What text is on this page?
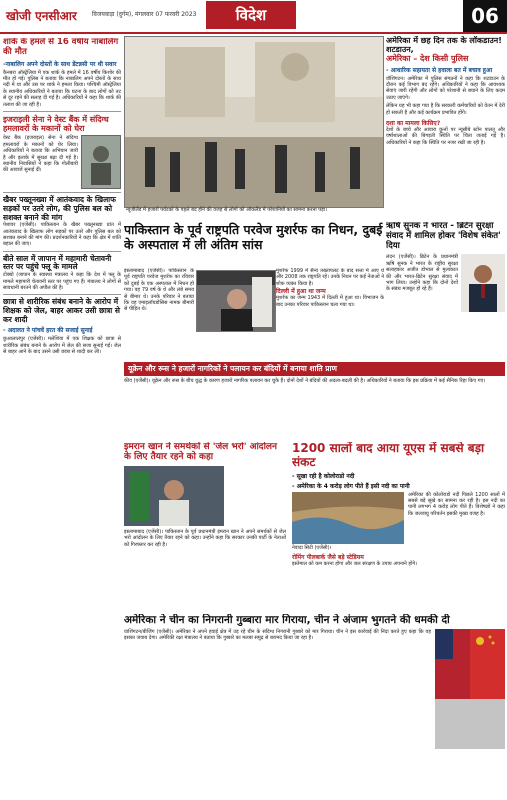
खोजी एनसीआर	विजयवाड़ा (दुर्गम), मंगलवार 07 फरवरी 2023	विदेश	06
शार्क के हमले से 16 वर्षीय नाबालिग की मौत
-नाबालिग अपने दोस्तों के साथ डेंटन्नसी पर थी सवार
कैनबरा ऑस्ट्रेलिया में एक शार्क के हमले में 16 वर्षीय किशोर की मौत हो गई। पुलिस ने बताया कि नाबालिग अपने दोस्तों के साथ नदी में था और उस पर शार्क ने हमला किया। पश्चिमी ऑस्ट्रेलिया के स्थानीय अधिकारियों ने बताया कि घटना के बाद लोगों को तट से दूर रहने की सलाह दी गई है। अधिकारियों ने कहा कि शार्क की तलाश की जा रही है।
इजराइली सेना ने वेस्ट बैंक में संदिग्ध हमलावरों के मकानों को घेरा
वेस्ट बैंक (इजराइल) सेना ने संदिग्ध हमलावरों के मकानों को घेर लिया। अधिकारियों ने बताया कि अभियान जारी है और इलाके में सुरक्षा बढ़ा दी गई है। स्थानीय निवासियों ने कहा कि गोलीबारी की आवाजें सुनाई दीं।
खैबर पख्तूनख्वा में आतंकवाद के खिलाफ सड़कों पर उतरे लोग, की पुलिस बल को सशक्त बनाने की मांग
पेशावर (एजेंसी)। पाकिस्तान के खैबर पख्तूनख्वा प्रांत में आतंकवाद के खिलाफ लोग सड़कों पर उतरे और पुलिस बल को सशक्त बनाने की मांग की। प्रदर्शनकारियों ने कहा कि क्षेत्र में शांति बहाल की जाए।
बीते साल में जापान में महामारी चेतावनी स्तर पर पहुंचे फ्लू के मामले
टोक्यो (जापान के स्वास्थ्य मंत्रालय ने कहा कि देश में फ्लू के मामले महामारी चेतावनी स्तर पर पहुंच गए हैं। मंत्रालय ने लोगों से सावधानी बरतने की अपील की है।
छात्रा से शारीरिक संबंध बनाने के आरोप में शिक्षक को जेल, बाहर आकर उसी छात्रा से कर शादी
- अदालत ने पांचवें हरत की सजाई सुनाई
कुआलालंपुर (एजेंसी)। मलेशिया में एक शिक्षक को छात्रा से शारीरिक संबंध बनाने के आरोप में जेल की सजा सुनाई गई। जेल से बाहर आने के बाद उसने उसी छात्रा से शादी कर ली।
न्यूजीलैंड में हजारों पर्यटकों के पहले बंद होने की वजह से लोगों को ऑकलैंड में परेशानियों का सामना करना पड़ा।
अमेरिका में छह दिन तक के लॉकडाउन! शटडाउन,
अमेरिका – देश किसी पुलिस
- आधारिक सहायता से हवाला बत में बचाव हुआ
वॉशिंगटन। अमेरिका में पुलिस संगठनों ने कहा कि शटडाउन के दौरान कई विभाग बंद रहेंगे। अधिकारियों ने कहा कि आवश्यक सेवाएं जारी रहेंगी और लोगों को परेशानी से बचाने के लिए कदम उठाए जाएंगे।
लेकिन यह भी कहा गया है कि सरकारी कर्मचारियों को वेतन में देरी हो सकती है और कई कार्यक्रम प्रभावित होंगे।
दशा का मामला किसिए?
देशों के बच्चे और आवारा कुत्तों पर न्यूसीबे स्टोन पालतू और वर्षाशालाओं की बिगड़ती स्थिति पर चिंता जताई गई है। अधिकारियों ने कहा कि स्थिति पर नजर रखी जा रही है।
पाकिस्तान के पूर्व राष्ट्रपति परवेज मुशर्रफ का निधन, दुबई के अस्पताल में ली अंतिम सांस
इस्लामाबाद (एजेंसी)। पाकिस्तान के पूर्व राष्ट्रपति परवेज मुशर्रफ का रविवार को दुबई के एक अस्पताल में निधन हो गया। वह 79 वर्ष के थे और लंबे समय से बीमार थे। उनके परिवार ने बताया कि वह एमाइलॉयडोसिस नामक बीमारी से पीड़ित थे।
मुशर्रफ 1999 में सैन्य तख्तापलट के बाद सत्ता में आए थे और 2008 तक राष्ट्रपति रहे। उनके निधन पर कई नेताओं ने शोक व्यक्त किया है।
दिल्ली में हुआ था जन्म
मुशर्रफ का जन्म 1943 में दिल्ली में हुआ था। विभाजन के बाद उनका परिवार पाकिस्तान चला गया था।
ऋषि सुनक ने भारत - ब्रिटेन सुरक्षा संवाद में शामिल होकर 'विशेष संकेत' दिया
लंदन (एजेंसी)। ब्रिटेन के प्रधानमंत्री ऋषि सुनक ने भारत के राष्ट्रीय सुरक्षा सलाहकार अजीत डोभाल से मुलाकात की और भारत-ब्रिटेन सुरक्षा संवाद में भाग लिया। उन्होंने कहा कि दोनों देशों के संबंध मजबूत हो रहे हैं।
यूक्रेन और रूस ने हजारों नागरिकों ने पलायन कर बंदियों में बनाया शाति प्राण
कीव (एजेंसी)। यूक्रेन और रूस के बीच युद्ध के कारण हजारों नागरिक पलायन कर चुके हैं। दोनों देशों ने बंदियों की अदला-बदली की है। अधिकारियों ने बताया कि इस प्रक्रिया में कई सैनिक रिहा किए गए।
इमरान खान ने समर्थकों से 'जेल भरो' आंदोलन के लिए तैयार रहने को कहा
इस्लामाबाद (एजेंसी)। पाकिस्तान के पूर्व प्रधानमंत्री इमरान खान ने अपने समर्थकों से जेल भरो आंदोलन के लिए तैयार रहने को कहा। उन्होंने कहा कि सरकार उनकी पार्टी के नेताओं को गिरफ्तार कर रही है।
1200 सालों बाद आया यूएस में सबसे बड़ा संकट
- सूखा रही है कोलोराडो नदी
- अमेरिका के 4 करोड़ लोग पीते हैं इसी नदी का पानी
नेवादा सिटी (एजेंसी)।
अमेरिका की कोलोराडो नदी पिछले 1200 सालों में सबसे बड़े सूखे का सामना कर रही है। इस नदी का पानी लगभग 4 करोड़ लोग पीते हैं। विशेषज्ञों ने कहा कि जलवायु परिवर्तन इसकी मुख्य वजह है।
रोमिंग पीलबार्क जैसे बड़े स्टेडियम
इस्तेमाल को कम करना होगा और जल संरक्षण के उपाय अपनाने होंगे।
अमेरिका ने चीन का निगरानी गुब्बारा मार गिराया, चीन ने अंजाम भुगतने की धमकी दी
वाशिंगटन/बीजिंग (एजेंसी)। अमेरिका ने अपने हवाई क्षेत्र में उड़ रहे चीन के संदिग्ध निगरानी गुब्बारे को मार गिराया। चीन ने इस कार्रवाई की निंदा करते हुए कहा कि वह इसका जवाब देगा। अमेरिकी रक्षा मंत्रालय ने बताया कि गुब्बारे का मलबा समुद्र से बरामद किया जा रहा है।
